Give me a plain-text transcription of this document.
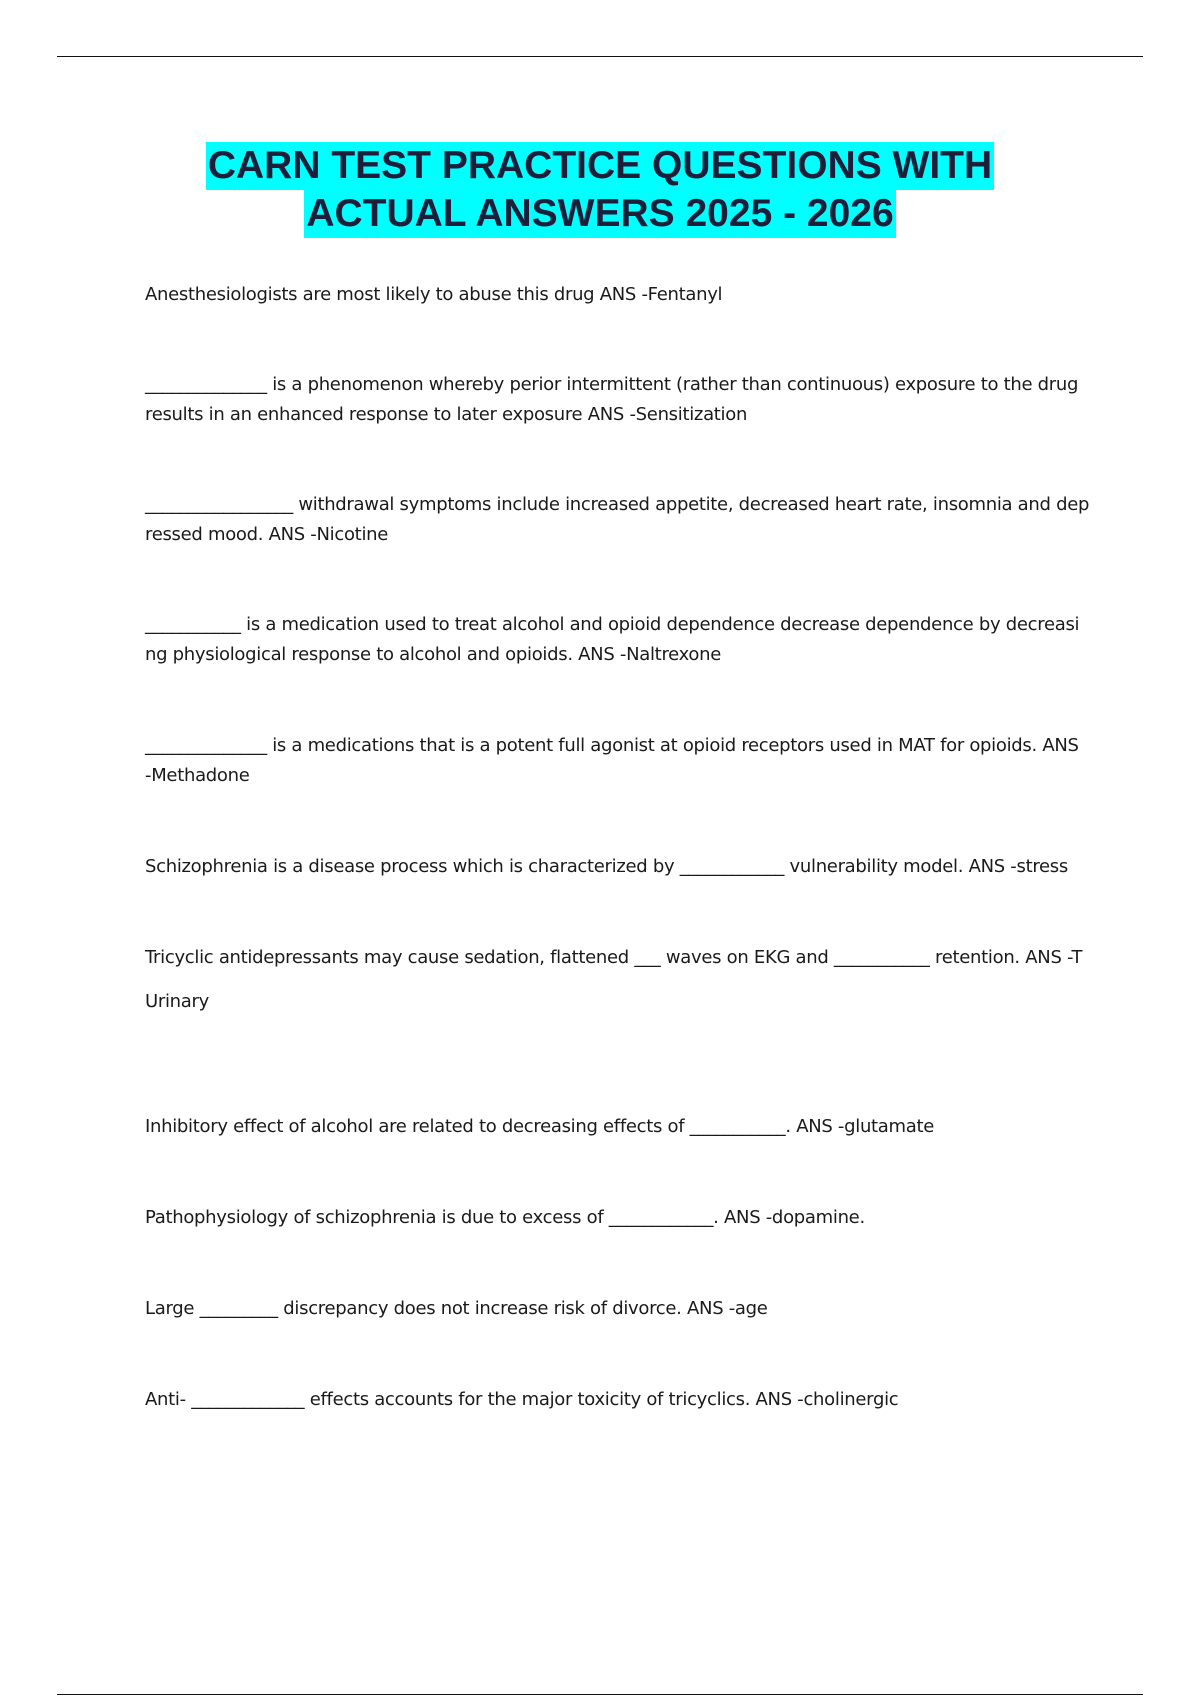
CARN TEST PRACTICE QUESTIONS WITH
ACTUAL ANSWERS 2025 - 2026
Anesthesiologists are most likely to abuse this drug ANS -Fentanyl
______________ is a phenomenon whereby perior intermittent (rather than continuous) exposure to the drug results in an enhanced response to later exposure ANS -Sensitization
_________________ withdrawal symptoms include increased appetite, decreased heart rate, insomnia and depressed mood. ANS -Nicotine
___________ is a medication used to treat alcohol and opioid dependence decrease dependence by decreasing physiological response to alcohol and opioids. ANS -Naltrexone
______________ is a medications that is a potent full agonist at opioid receptors used in MAT for opioids. ANS -Methadone
Schizophrenia is a disease process which is characterized by ____________ vulnerability model. ANS -stress
Tricyclic antidepressants may cause sedation, flattened ___ waves on EKG and ___________ retention. ANS -T
Urinary
Inhibitory effect of alcohol are related to decreasing effects of ___________. ANS -glutamate
Pathophysiology of schizophrenia is due to excess of ____________. ANS -dopamine.
Large _________ discrepancy does not increase risk of divorce. ANS -age
Anti- _____________ effects accounts for the major toxicity of tricyclics. ANS -cholinergic
